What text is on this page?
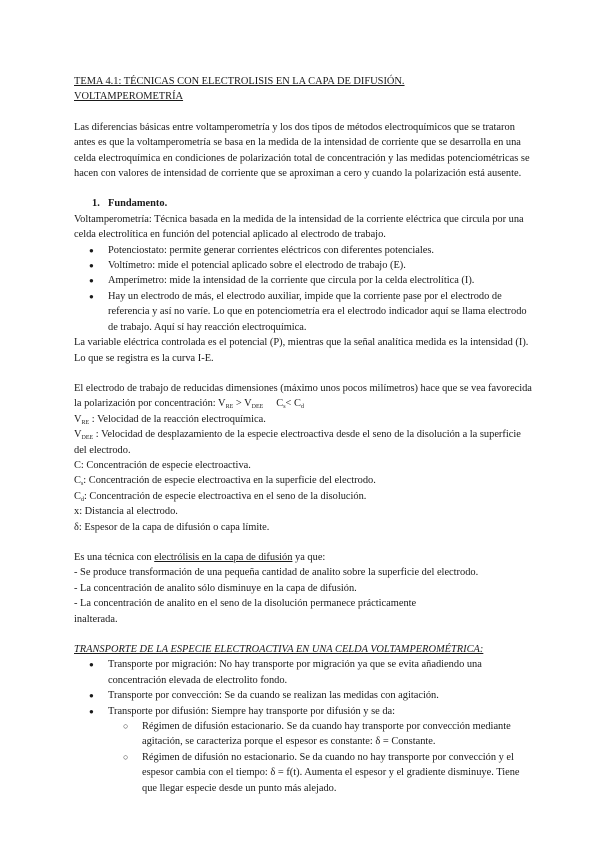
TEMA 4.1: TÉCNICAS CON ELECTROLISIS EN LA CAPA DE DIFUSIÓN.
VOLTAMPEROMETRÍA

Las diferencias básicas entre voltamperometría y los dos tipos de métodos electroquímicos que se trataron antes es que la voltamperometría se basa en la medida de la intensidad de corriente que se desarrolla en una celda electroquímica en condiciones de polarización total de concentración y las medidas potenciométricas se hacen con valores de intensidad de corriente que se aproximan a cero y cuando la polarización está ausente.

1. Fundamento.

Voltamperometría: Técnica basada en la medida de la intensidad de la corriente eléctrica que circula por una celda electrolítica en función del potencial aplicado al electrodo de trabajo.

● Potenciostato: permite generar corrientes eléctricos con diferentes potenciales.
● Voltímetro: mide el potencial aplicado sobre el electrodo de trabajo (E).
● Amperímetro: mide la intensidad de la corriente que circula por la celda electrolítica (I).
● Hay un electrodo de más, el electrodo auxiliar, impide que la corriente pase por el electrodo de referencia y así no varíe. Lo que en potenciometría era el electrodo indicador aquí se llama electrodo de trabajo. Aquí sí hay reacción electroquímica.

La variable eléctrica controlada es el potencial (P), mientras que la señal analítica medida es la intensidad (I). Lo que se registra es la curva I-E.

El electrodo de trabajo de reducidas dimensiones (máximo unos pocos milímetros) hace que se vea favorecida la polarización por concentración: $V_{RE} > V_{DEE}$     $C_s< C_d$

$V_{RE}$ : Velocidad de la reacción electroquímica.

$V_{DEE}$ : Velocidad de desplazamiento de la especie electroactiva desde el seno de la disolución a la superficie del electrodo.

C: Concentración de especie electroactiva.

$C_s$: Concentración de especie electroactiva en la superficie del electrodo.

$C_d$: Concentración de especie electroactiva en el seno de la disolución.

x: Distancia al electrodo.

δ: Espesor de la capa de difusión o capa límite.

Es una técnica con electrólisis en la capa de difusión ya que:

- Se produce transformación de una pequeña cantidad de analito sobre la superficie del electrodo.

- La concentración de analito sólo disminuye en la capa de difusión.

- La concentración de analito en el seno de la disolución permanece prácticamente

inalterada.

TRANSPORTE DE LA ESPECIE ELECTROACTIVA EN UNA CELDA VOLTAMPEROMÉTRICA:

● Transporte por migración: No hay transporte por migración ya que se evita añadiendo una concentración elevada de electrolito fondo.
● Transporte por convección: Se da cuando se realizan las medidas con agitación.
● Transporte por difusión: Siempre hay transporte por difusión y se da:
○ Régimen de difusión estacionario. Se da cuando hay transporte por convección mediante agitación, se caracteriza porque el espesor es constante: δ = Constante.
○ Régimen de difusión no estacionario. Se da cuando no hay transporte por convección y el espesor cambia con el tiempo: δ = f(t). Aumenta el espesor y el gradiente disminuye. Tiene que llegar especie desde un punto más alejado.
